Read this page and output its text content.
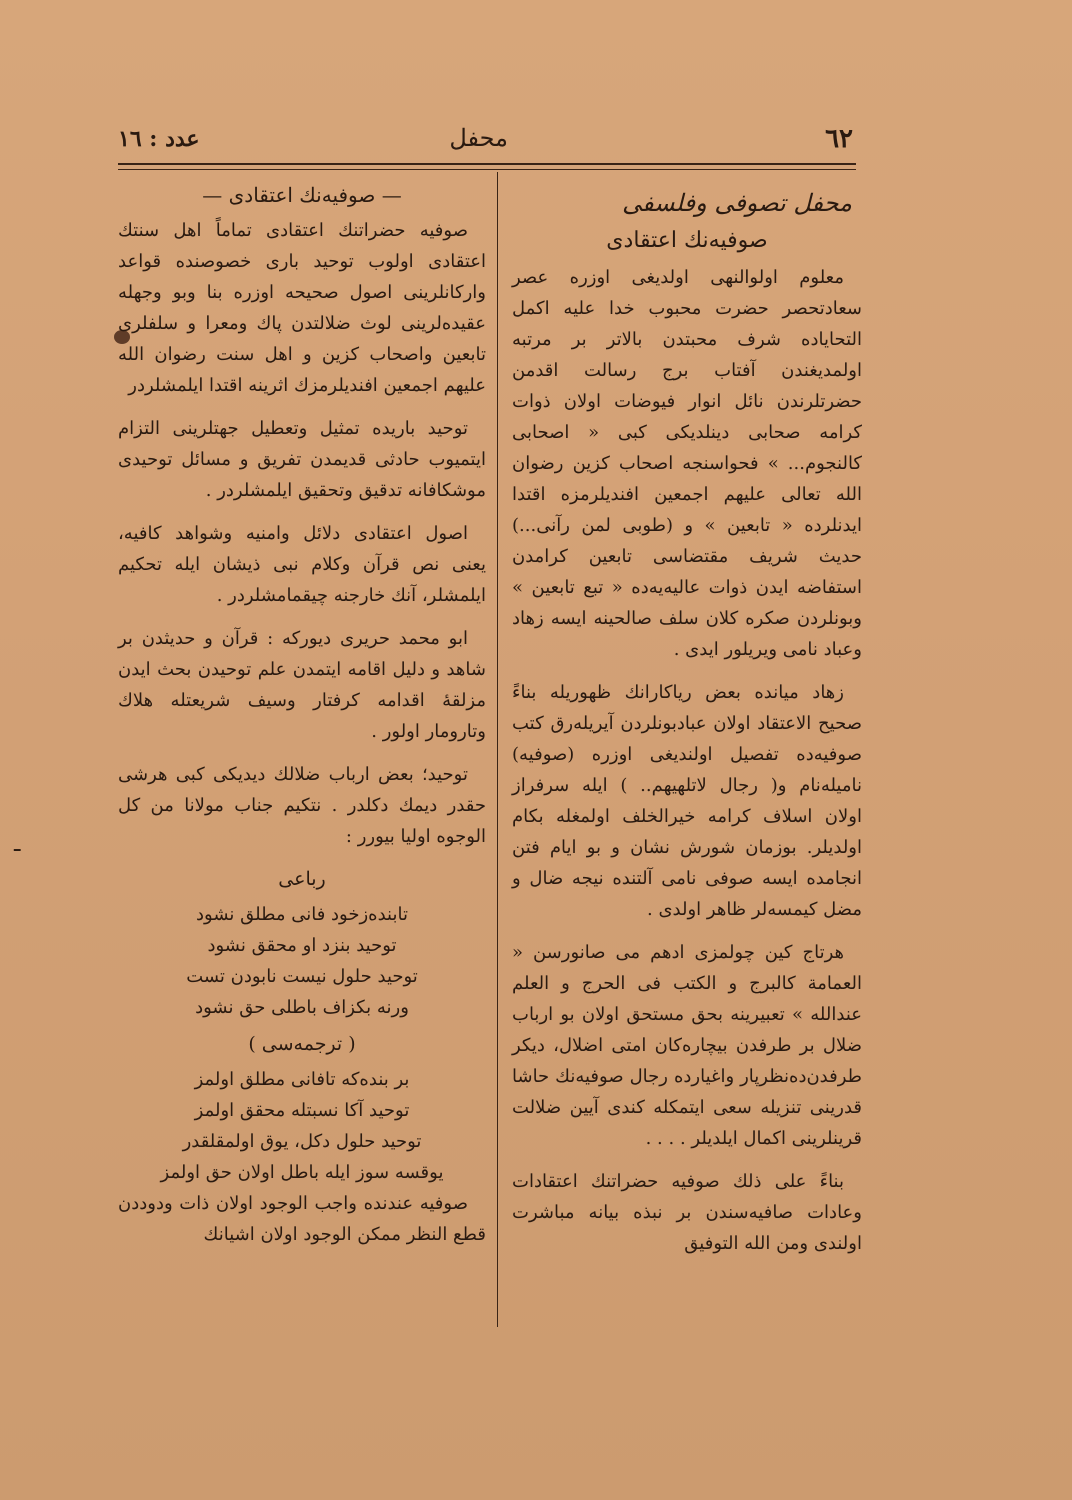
٦٢
محفل
عدد : ١٦
ـ
محفل تصوفی وفلسفی
صوفیه‌نك اعتقادی

معلوم اولوالنهی اولدیغی اوزره عصر سعادتحصر حضرت محبوب خدا علیه اکمل التحایاده شرف محبتدن بالاتر بر مرتبه اولمدیغندن آفتاب برج رسالت اقدمن حضرتلرندن نائل انوار فیوضات اولان ذوات کرامه صحابی دینلدیکی کبی « اصحابی کالنجوم... » فحواسنجه اصحاب کزین رضوان الله تعالی علیهم اجمعین افندیلرمزه اقتدا ایدنلرده « تابعین » و (طوبی لمن رآنی...) حدیث شریف مقتضاسی تابعین کرامدن استفاضه ایدن ذوات عالیه‌یه‌ده « تبع تابعین » وبونلردن صکره کلان سلف صالحینه ایسه زهاد وعباد نامی ویریلور ایدی .

زهاد میانده بعض ریاکارانك ظهوریله بناءً صحیح الاعتقاد اولان عبادبونلردن آیریله‌رق کتب صوفیه‌ده تفصیل اولندیغی اوزره (صوفیه) نامیله‌نام و( رجال لاتلهیهم.. ) ایله سرفراز اولان اسلاف کرامه خیرالخلف اولمغله بکام اولدیلر. بوزمان شورش نشان و بو ایام فتن انجامده ایسه صوفی نامی آلتنده نیجه ضال و مضل کیمسه‌لر ظاهر اولدی .

هرتاج کین چولمزی ادهم می صانورسن « العمامة کالبرج و الکتب فی الحرج و العلم عندالله » تعبیرینه بحق مستحق اولان بو ارباب ضلال بر طرفدن بیچاره‌کان امتی اضلال، دیکر طرفدن‌ده‌نظرپار واغیارده رجال صوفیه‌نك حاشا قدرینی تنزیله سعی ایتمکله کندی آیین ضلالت قرینلرینی اکمال ایلدیلر . . . .

بناءً علی ذلك صوفیه حضراتنك اعتقادات وعادات صافیه‌سندن بر نبذه بیانه مباشرت اولندی ومن الله التوفیق

— صوفیه‌نك اعتقادی —

صوفیه حضراتنك اعتقادی تماماً اهل سنتك اعتقادی اولوب توحید باری خصوصنده قواعد واركانلرینی اصول صحیحه اوزره بنا وبو وجهله عقیده‌لرینی لوث ضلالتدن پاك ومعرا و سلفلری تابعین واصحاب کزین و اهل سنت رضوان الله علیهم اجمعین افندیلرمزك اثرینه اقتدا ایلمشلردر

توحید باریده تمثیل وتعطیل جهتلرینی التزام ایتمیوب حادثی قدیمدن تفریق و مسائل توحیدی موشکافانه تدقیق وتحقیق ایلمشلردر .

اصول اعتقادی دلائل وامنیه وشواهد کافیه، یعنی نص قرآن وکلام نبی ذیشان ایله تحکیم ایلمشلر، آنك خارجنه چیقمامشلردر .

ابو محمد حریری دیورکه : قرآن و حدیثدن بر شاهد و دلیل اقامه ایتمدن علم توحیدن بحث ایدن مزلقهٔ اقدامه کرفتار وسیف شریعتله هلاك وتارومار اولور .

توحید؛ بعض ارباب ضلالك دیدیکی کبی هرشی حقدر دیمك دکلدر . نتکیم جناب مولانا من کل الوجوه اولیا بیورر :

رباعی

تابنده‌زخود فانی مطلق نشود

توحید بنزد او محقق نشود

توحید حلول نیست نابودن تست

ورنه بکزاف باطلی حق نشود

( ترجمه‌سی )

بر بنده‌که تافانی مطلق اولمز

توحید آکا نسبتله محقق اولمز

توحید حلول دکل، یوق اولمقلقدر

یوقسه سوز ایله باطل اولان حق اولمز

صوفیه عندنده واجب الوجود اولان ذات ودوددن قطع النظر ممکن الوجود اولان اشیانك
